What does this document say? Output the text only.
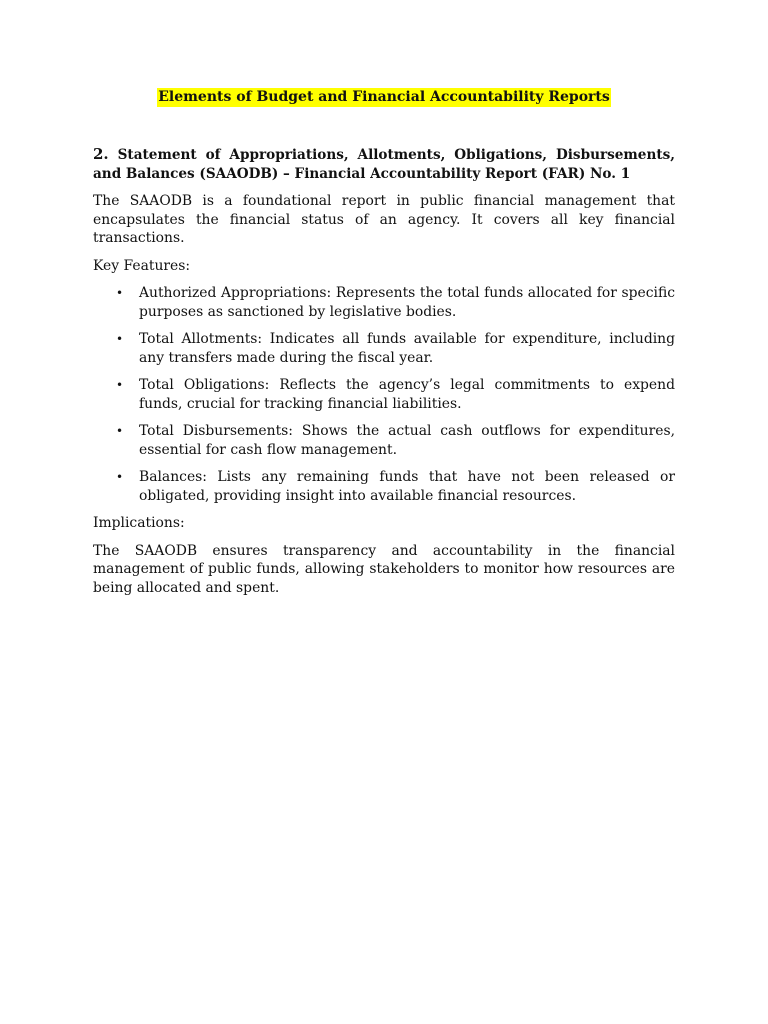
Elements of Budget and Financial Accountability Reports
2. Statement of Appropriations, Allotments, Obligations, Disbursements, and Balances (SAAODB) – Financial Accountability Report (FAR) No. 1

The SAAODB is a foundational report in public financial management that encapsulates the financial status of an agency. It covers all key financial transactions.

Key Features:

• Authorized Appropriations: Represents the total funds allocated for specific purposes as sanctioned by legislative bodies.
• Total Allotments: Indicates all funds available for expenditure, including any transfers made during the fiscal year.
• Total Obligations: Reflects the agency’s legal commitments to expend funds, crucial for tracking financial liabilities.
• Total Disbursements: Shows the actual cash outflows for expenditures, essential for cash flow management.
• Balances: Lists any remaining funds that have not been released or obligated, providing insight into available financial resources.

Implications:

The SAAODB ensures transparency and accountability in the financial management of public funds, allowing stakeholders to monitor how resources are being allocated and spent.
